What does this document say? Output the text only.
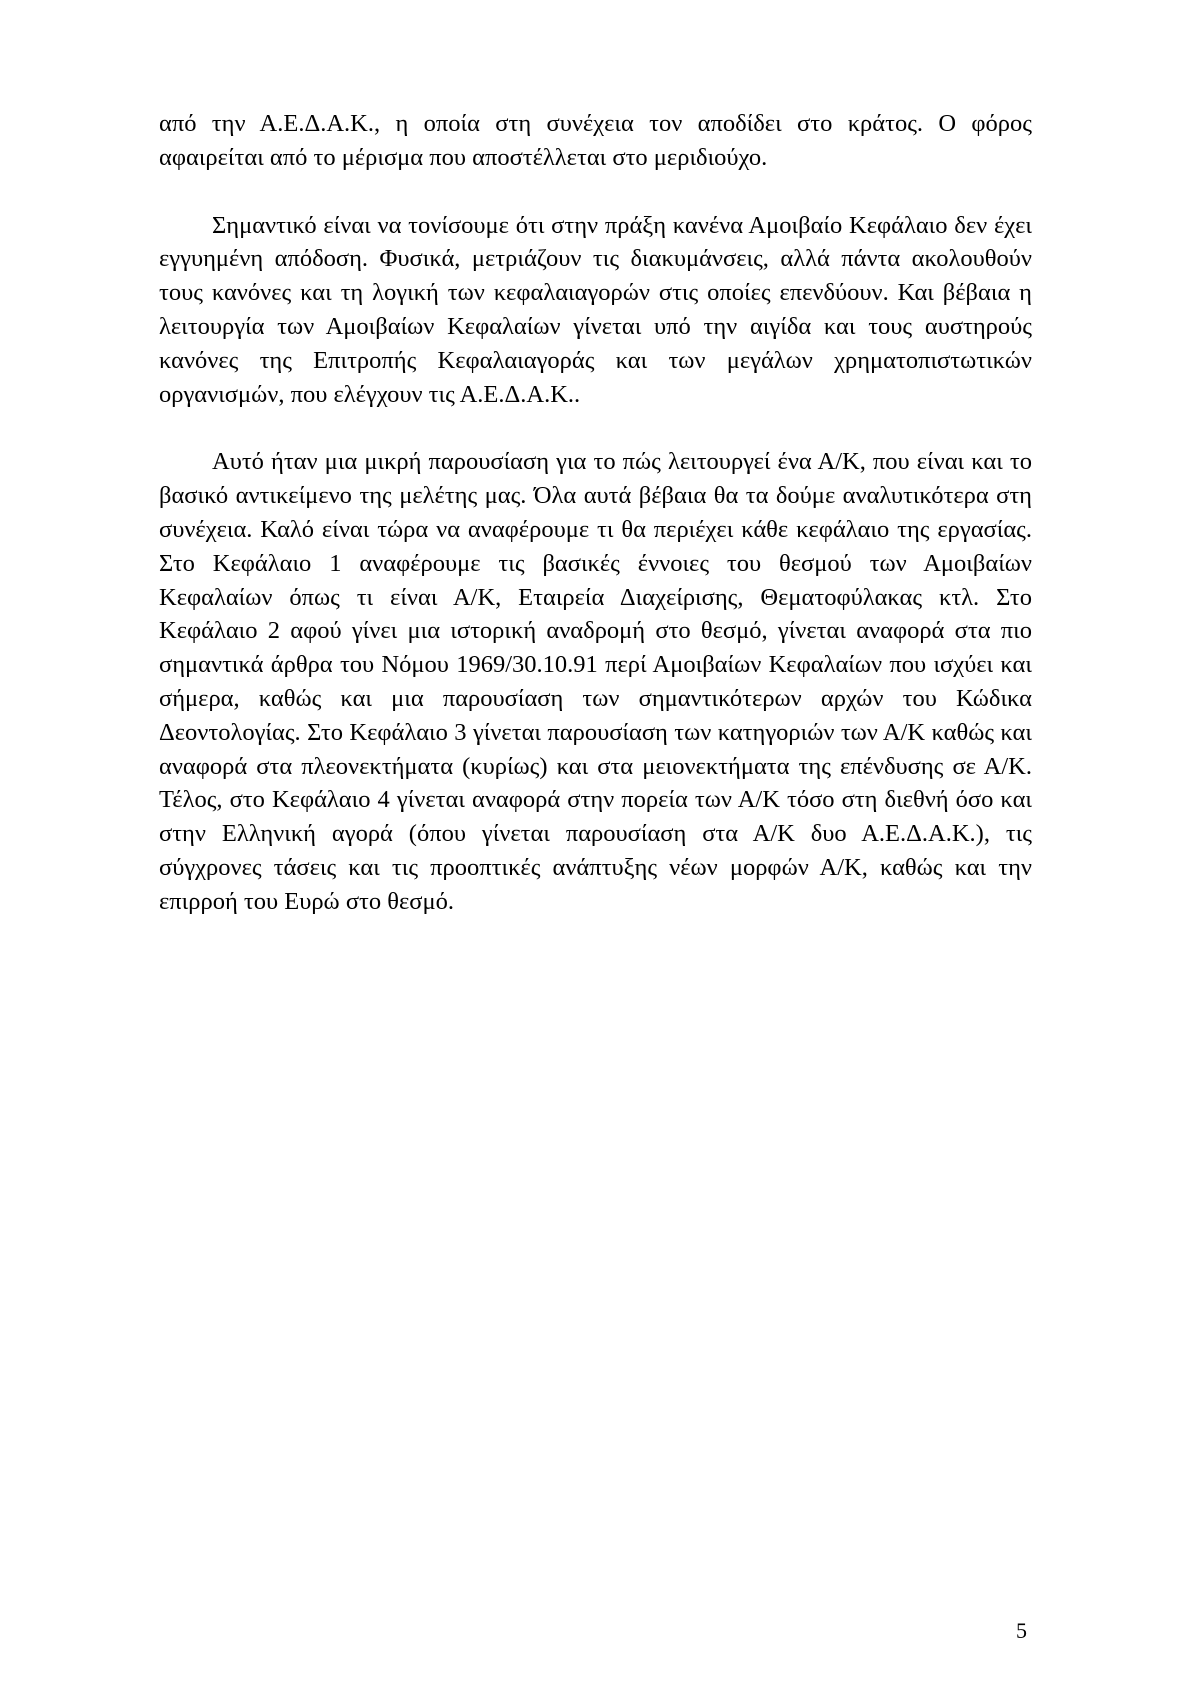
από την Α.Ε.Δ.Α.Κ., η οποία στη συνέχεια τον αποδίδει στο κράτος. Ο φόρος αφαιρείται από το μέρισμα που αποστέλλεται στο μεριδιούχο.

Σημαντικό είναι να τονίσουμε ότι στην πράξη κανένα Αμοιβαίο Κεφάλαιο δεν έχει εγγυημένη απόδοση. Φυσικά, μετριάζουν τις διακυμάνσεις, αλλά πάντα ακολουθούν τους κανόνες και τη λογική των κεφαλαιαγορών στις οποίες επενδύουν. Και βέβαια η λειτουργία των Αμοιβαίων Κεφαλαίων γίνεται υπό την αιγίδα και τους αυστηρούς κανόνες της Επιτροπής Κεφαλαιαγοράς και των μεγάλων χρηματοπιστωτικών οργανισμών, που ελέγχουν τις Α.Ε.Δ.Α.Κ..

Αυτό ήταν μια μικρή παρουσίαση για το πώς λειτουργεί ένα Α/Κ, που είναι και το βασικό αντικείμενο της μελέτης μας. Όλα αυτά βέβαια θα τα δούμε αναλυτικότερα στη συνέχεια. Καλό είναι τώρα να αναφέρουμε τι θα περιέχει κάθε κεφάλαιο της εργασίας. Στο Κεφάλαιο 1 αναφέρουμε τις βασικές έννοιες του θεσμού των Αμοιβαίων Κεφαλαίων όπως τι είναι Α/Κ, Εταιρεία Διαχείρισης, Θεματοφύλακας κτλ. Στο Κεφάλαιο 2 αφού γίνει μια ιστορική αναδρομή στο θεσμό, γίνεται αναφορά στα πιο σημαντικά άρθρα του Νόμου 1969/30.10.91 περί Αμοιβαίων Κεφαλαίων που ισχύει και σήμερα, καθώς και μια παρουσίαση των σημαντικότερων αρχών του Κώδικα Δεοντολογίας. Στο Κεφάλαιο 3 γίνεται παρουσίαση των κατηγοριών των Α/Κ καθώς και αναφορά στα πλεονεκτήματα (κυρίως) και στα μειονεκτήματα της επένδυσης σε Α/Κ. Τέλος, στο Κεφάλαιο 4 γίνεται αναφορά στην πορεία των Α/Κ τόσο στη διεθνή όσο και στην Ελληνική αγορά (όπου γίνεται παρουσίαση στα Α/Κ δυο Α.Ε.Δ.Α.Κ.), τις σύγχρονες τάσεις και τις προοπτικές ανάπτυξης νέων μορφών Α/Κ, καθώς και την επιρροή του Ευρώ στο θεσμό.

5
